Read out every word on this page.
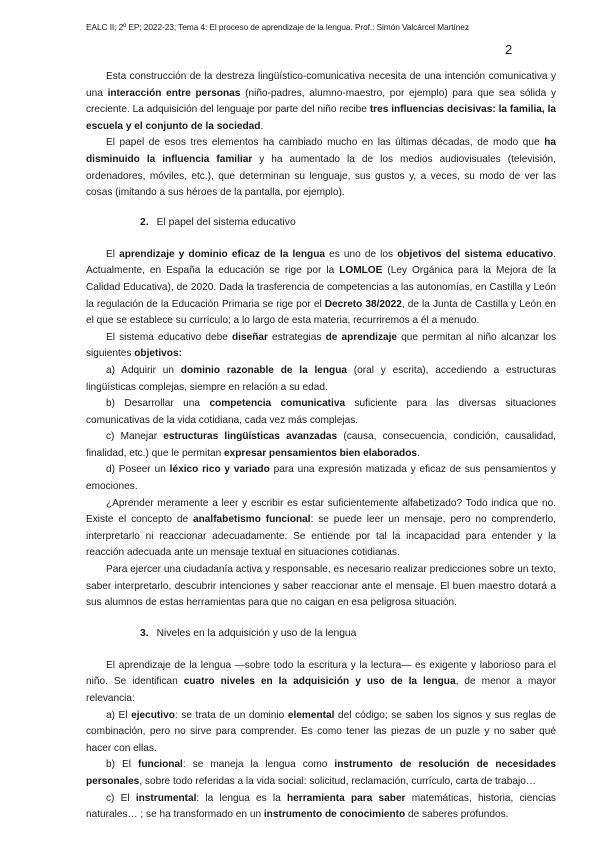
EALC II; 2º EP; 2022-23; Tema 4: El proceso de aprendizaje de la lengua. Prof.: Simón Valcárcel Martínez
2

Esta construcción de la destreza lingüístico-comunicativa necesita de una intención comunicativa y una interacción entre personas (niño-padres, alumno-maestro, por ejemplo) para que sea sólida y creciente. La adquisición del lenguaje por parte del niño recibe tres influencias decisivas: la familia, la escuela y el conjunto de la sociedad.

El papel de esos tres elementos ha cambiado mucho en las últimas décadas, de modo que ha disminuido la influencia familiar y ha aumentado la de los medios audiovisuales (televisión, ordenadores, móviles, etc.), que determinan su lenguaje, sus gustos y, a veces, su modo de ver las cosas (imitando a sus héroes de la pantalla, por ejemplo).

2. El papel del sistema educativo

El aprendizaje y dominio eficaz de la lengua es uno de los objetivos del sistema educativo. Actualmente, en España la educación se rige por la LOMLOE (Ley Orgánica para la Mejora de la Calidad Educativa), de 2020. Dada la trasferencia de competencias a las autonomías, en Castilla y León la regulación de la Educación Primaria se rige por el Decreto 38/2022, de la Junta de Castilla y León en el que se establece su currículo; a lo largo de esta materia, recurriremos a él a menudo.

El sistema educativo debe diseñar estrategias de aprendizaje que permitan al niño alcanzar los siguientes objetivos:

a) Adquirir un dominio razonable de la lengua (oral y escrita), accediendo a estructuras lingüísticas complejas, siempre en relación a su edad.

b) Desarrollar una competencia comunicativa suficiente para las diversas situaciones comunicativas de la vida cotidiana, cada vez más complejas.

c) Manejar estructuras lingüísticas avanzadas (causa, consecuencia, condición, causalidad, finalidad, etc.) que le permitan expresar pensamientos bien elaborados.

d) Poseer un léxico rico y variado para una expresión matizada y eficaz de sus pensamientos y emociones.

¿Aprender meramente a leer y escribir es estar suficientemente alfabetizado? Todo indica que no. Existe el concepto de analfabetismo funcional: se puede leer un mensaje, pero no comprenderlo, interpretarlo ni reaccionar adecuadamente. Se entiende por tal la incapacidad para entender y la reacción adecuada ante un mensaje textual en situaciones cotidianas.

Para ejercer una ciudadanía activa y responsable, es necesario realizar predicciones sobre un texto, saber interpretarlo, descubrir intenciones y saber reaccionar ante el mensaje. El buen maestro dotará a sus alumnos de estas herramientas para que no caigan en esa peligrosa situación.

3. Niveles en la adquisición y uso de la lengua

El aprendizaje de la lengua —sobre todo la escritura y la lectura— es exigente y laborioso para el niño. Se identifican cuatro niveles en la adquisición y uso de la lengua, de menor a mayor relevancia:

a) El ejecutivo: se trata de un dominio elemental del código; se saben los signos y sus reglas de combinación, pero no sirve para comprender. Es como tener las piezas de un puzle y no saber qué hacer con ellas.

b) El funcional: se maneja la lengua como instrumento de resolución de necesidades personales, sobre todo referidas a la vida social: solicitud, reclamación, currículo, carta de trabajo…

c) El instrumental: la lengua es la herramienta para saber matemáticas, historia, ciencias naturales… ; se ha transformado en un instrumento de conocimiento de saberes profundos.
